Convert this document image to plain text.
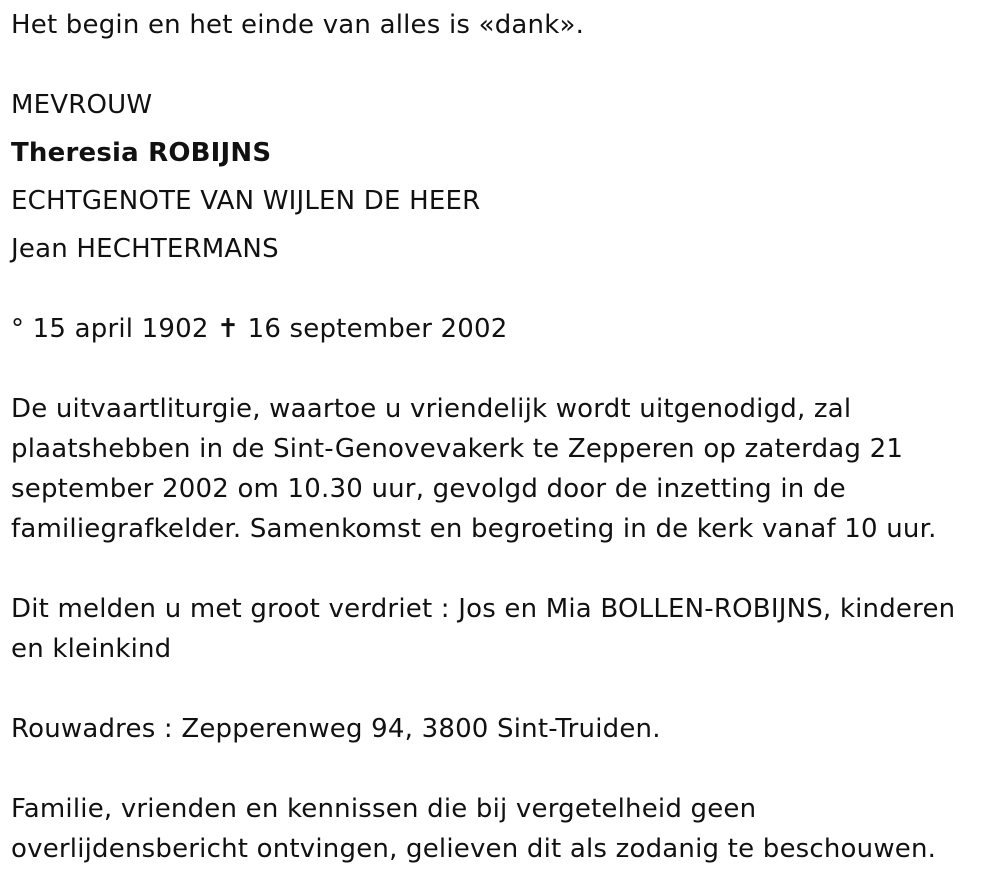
Het begin en het einde van alles is «dank».
MEVROUW
Theresia ROBIJNS
ECHTGENOTE VAN WIJLEN DE HEER
Jean HECHTERMANS
° 15 april 1902 ✝ 16 september 2002
De uitvaartliturgie, waartoe u vriendelijk wordt uitgenodigd, zal
plaatshebben in de Sint-Genovevakerk te Zepperen op zaterdag 21
september 2002 om 10.30 uur, gevolgd door de inzetting in de
familiegrafkelder. Samenkomst en begroeting in de kerk vanaf 10 uur.
Dit melden u met groot verdriet : Jos en Mia BOLLEN-ROBIJNS, kinderen
en kleinkind
Rouwadres : Zepperenweg 94, 3800 Sint-Truiden.
Familie, vrienden en kennissen die bij vergetelheid geen
overlijdensbericht ontvingen, gelieven dit als zodanig te beschouwen.
